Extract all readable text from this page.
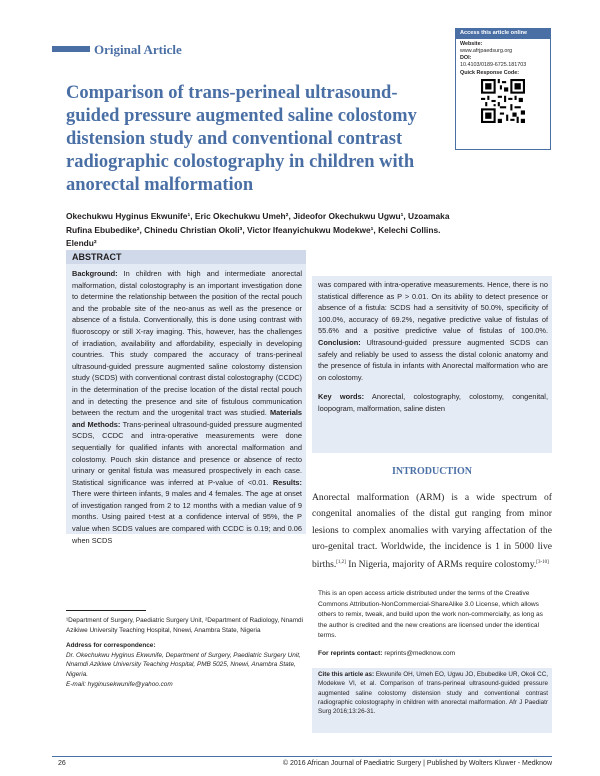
Original Article
Access this article online
Website:
www.afrjpaedsurg.org
DOI:
10.4103/0189-6725.181703
Quick Response Code:
Comparison of trans-perineal ultrasound-guided pressure augmented saline colostomy distension study and conventional contrast radiographic colostography in children with anorectal malformation
Okechukwu Hyginus Ekwunife¹, Eric Okechukwu Umeh², Jideofor Okechukwu Ugwu¹, Uzoamaka Rufina Ebubedike², Chinedu Christian Okoli³, Victor Ifeanyichukwu Modekwe¹, Kelechi Collins. Elendu²
ABSTRACT
Background: In children with high and intermediate anorectal malformation, distal colostography is an important investigation done to determine the relationship between the position of the rectal pouch and the probable site of the neo-anus as well as the presence or absence of a fistula. Conventionally, this is done using contrast with fluoroscopy or still X-ray imaging. This, however, has the challenges of irradiation, availability and affordability, especially in developing countries. This study compared the accuracy of trans-perineal ultrasound-guided pressure augmented saline colostomy distension study (SCDS) with conventional contrast distal colostography (CCDC) in the determination of the precise location of the distal rectal pouch and in detecting the presence and site of fistulous communication between the rectum and the urogenital tract was studied. Materials and Methods: Trans-perineal ultrasound-guided pressure augmented SCDS, CCDC and intra-operative measurements were done sequentially for qualified infants with anorectal malformation and colostomy. Pouch skin distance and presence or absence of recto urinary or genital fistula was measured prospectively in each case. Statistical significance was inferred at P-value of <0.01. Results: There were thirteen infants, 9 males and 4 females. The age at onset of investigation ranged from 2 to 12 months with a median value of 9 months. Using paired t-test at a confidence interval of 95%, the P value when SCDS values are compared with CCDC is 0.19; and 0.06 when SCDS
was compared with intra-operative measurements. Hence, there is no statistical difference as P > 0.01. On its ability to detect presence or absence of a fistula: SCDS had a sensitivity of 50.0%, specificity of 100.0%, accuracy of 69.2%, negative predictive value of fistulas of 55.6% and a positive predictive value of fistulas of 100.0%. Conclusion: Ultrasound-guided pressure augmented SCDS can safely and reliably be used to assess the distal colonic anatomy and the presence of fistula in infants with Anorectal malformation who are on colostomy.
Key words: Anorectal, colostography, colostomy, congenital, loopogram, malformation, saline disten
INTRODUCTION
Anorectal malformation (ARM) is a wide spectrum of congenital anomalies of the distal gut ranging from minor lesions to complex anomalies with varying affectation of the uro-genital tract. Worldwide, the incidence is 1 in 5000 live births.[1,2] In Nigeria, majority of ARMs require colostomy.[3-10]
This is an open access article distributed under the terms of the Creative Commons Attribution-NonCommercial-ShareAlike 3.0 License, which allows others to remix, tweak, and build upon the work non-commercially, as long as the author is credited and the new creations are licensed under the identical terms.
For reprints contact: reprints@medknow.com
Cite this article as: Ekwunife OH, Umeh EO, Ugwu JO, Ebubedike UR, Okoli CC, Modekwe VI, et al. Comparison of trans-perineal ultrasound-guided pressure augmented saline colostomy distension study and conventional contrast radiographic colostography in children with anorectal malformation. Afr J Paediatr Surg 2016;13:26-31.

¹Department of Surgery, Paediatric Surgery Unit, ²Department of Radiology, Nnamdi Azikiwe University Teaching Hospital, Nnewi, Anambra State, Nigeria

Address for correspondence:
Dr. Okechukwu Hyginus Ekwunife, Department of Surgery, Paediatric Surgery Unit, Nnamdi Azikiwe University Teaching Hospital, PMB 5025, Nnewi, Anambra State, Nigeria.
E-mail: hyginusekwunife@yahoo.com

26	© 2016 African Journal of Paediatric Surgery | Published by Wolters Kluwer - Medknow
